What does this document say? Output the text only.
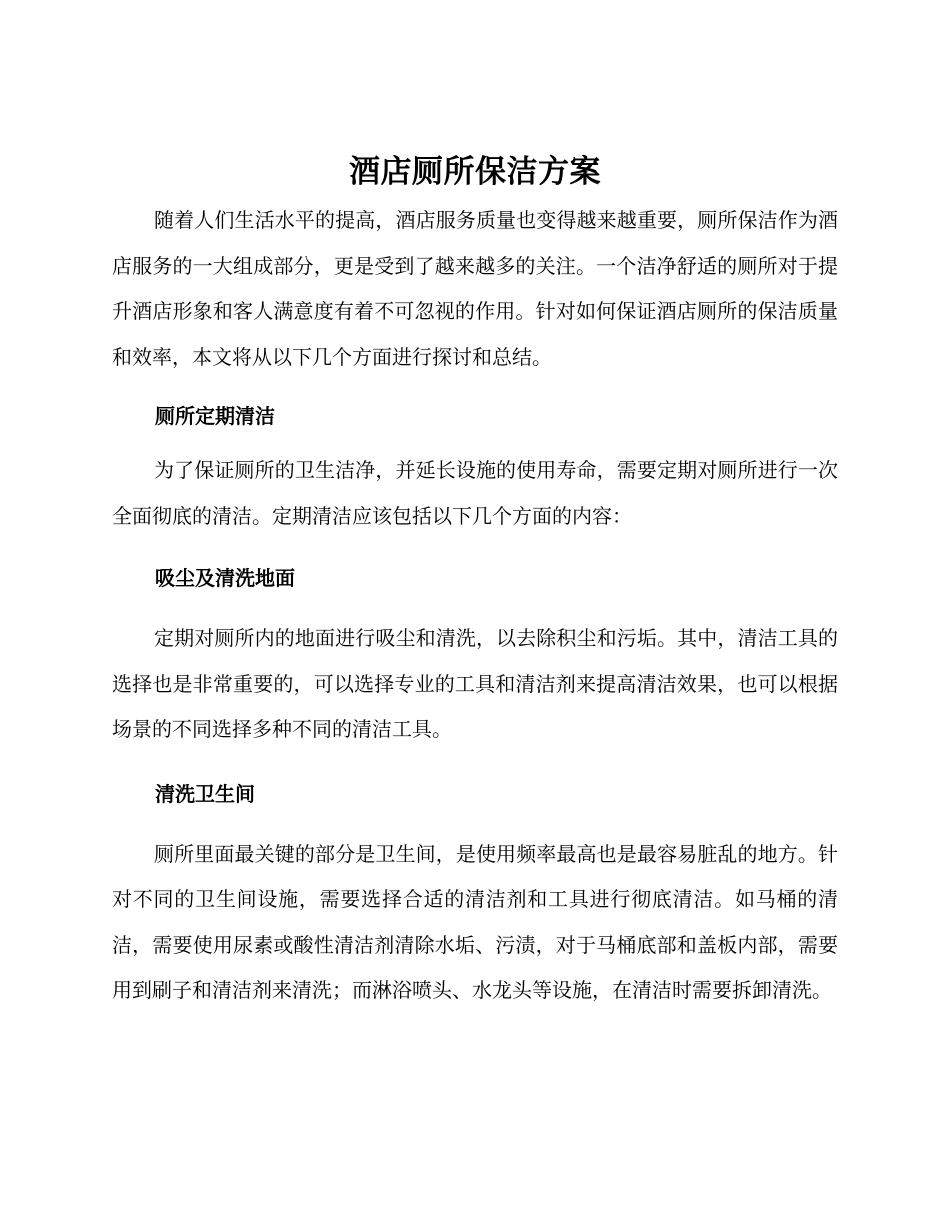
酒店厕所保洁方案

随着人们生活水平的提高，酒店服务质量也变得越来越重要，厕所保洁作为酒店服务的一大组成部分，更是受到了越来越多的关注。一个洁净舒适的厕所对于提升酒店形象和客人满意度有着不可忽视的作用。针对如何保证酒店厕所的保洁质量和效率，本文将从以下几个方面进行探讨和总结。

厕所定期清洁

为了保证厕所的卫生洁净，并延长设施的使用寿命，需要定期对厕所进行一次全面彻底的清洁。定期清洁应该包括以下几个方面的内容：

吸尘及清洗地面

定期对厕所内的地面进行吸尘和清洗，以去除积尘和污垢。其中，清洁工具的选择也是非常重要的，可以选择专业的工具和清洁剂来提高清洁效果，也可以根据场景的不同选择多种不同的清洁工具。

清洗卫生间

厕所里面最关键的部分是卫生间，是使用频率最高也是最容易脏乱的地方。针对不同的卫生间设施，需要选择合适的清洁剂和工具进行彻底清洁。如马桶的清洁，需要使用尿素或酸性清洁剂清除水垢、污渍，对于马桶底部和盖板内部，需要用到刷子和清洁剂来清洗；而淋浴喷头、水龙头等设施，在清洁时需要拆卸清洗。
